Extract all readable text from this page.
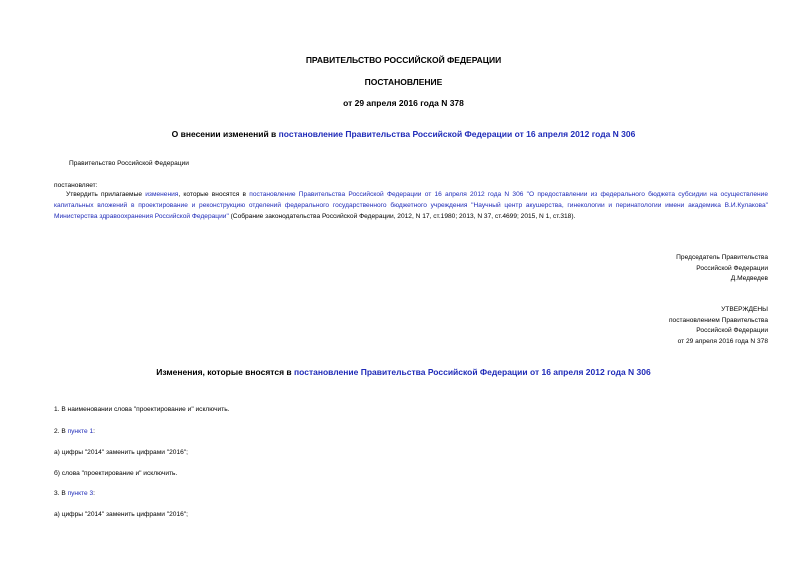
ПРАВИТЕЛЬСТВО РОССИЙСКОЙ ФЕДЕРАЦИИ
ПОСТАНОВЛЕНИЕ
от 29 апреля 2016 года N 378
О внесении изменений в постановление Правительства Российской Федерации от 16 апреля 2012 года N 306
Правительство Российской Федерации
постановляет:
Утвердить прилагаемые изменения, которые вносятся в постановление Правительства Российской Федерации от 16 апреля 2012 года N 306 "О предоставлении из федерального бюджета субсидии на осуществление капитальных вложений в проектирование и реконструкцию отделений федерального государственного бюджетного учреждения "Научный центр акушерства, гинекологии и перинатологии имени академика В.И.Кулакова" Министерства здравоохранения Российской Федерации" (Собрание законодательства Российской Федерации, 2012, N 17, ст.1980; 2013, N 37, ст.4699; 2015, N 1, ст.318).
Председатель Правительства
Российской Федерации
Д.Медведев
УТВЕРЖДЕНЫ
постановлением Правительства
Российской Федерации
от 29 апреля 2016 года N 378
Изменения, которые вносятся в постановление Правительства Российской Федерации от 16 апреля 2012 года N 306
1. В наименовании слова "проектирование и" исключить.
2. В пункте 1:
а) цифры "2014" заменить цифрами "2016";
б) слова "проектирование и" исключить.
3. В пункте 3:
а) цифры "2014" заменить цифрами "2016";
